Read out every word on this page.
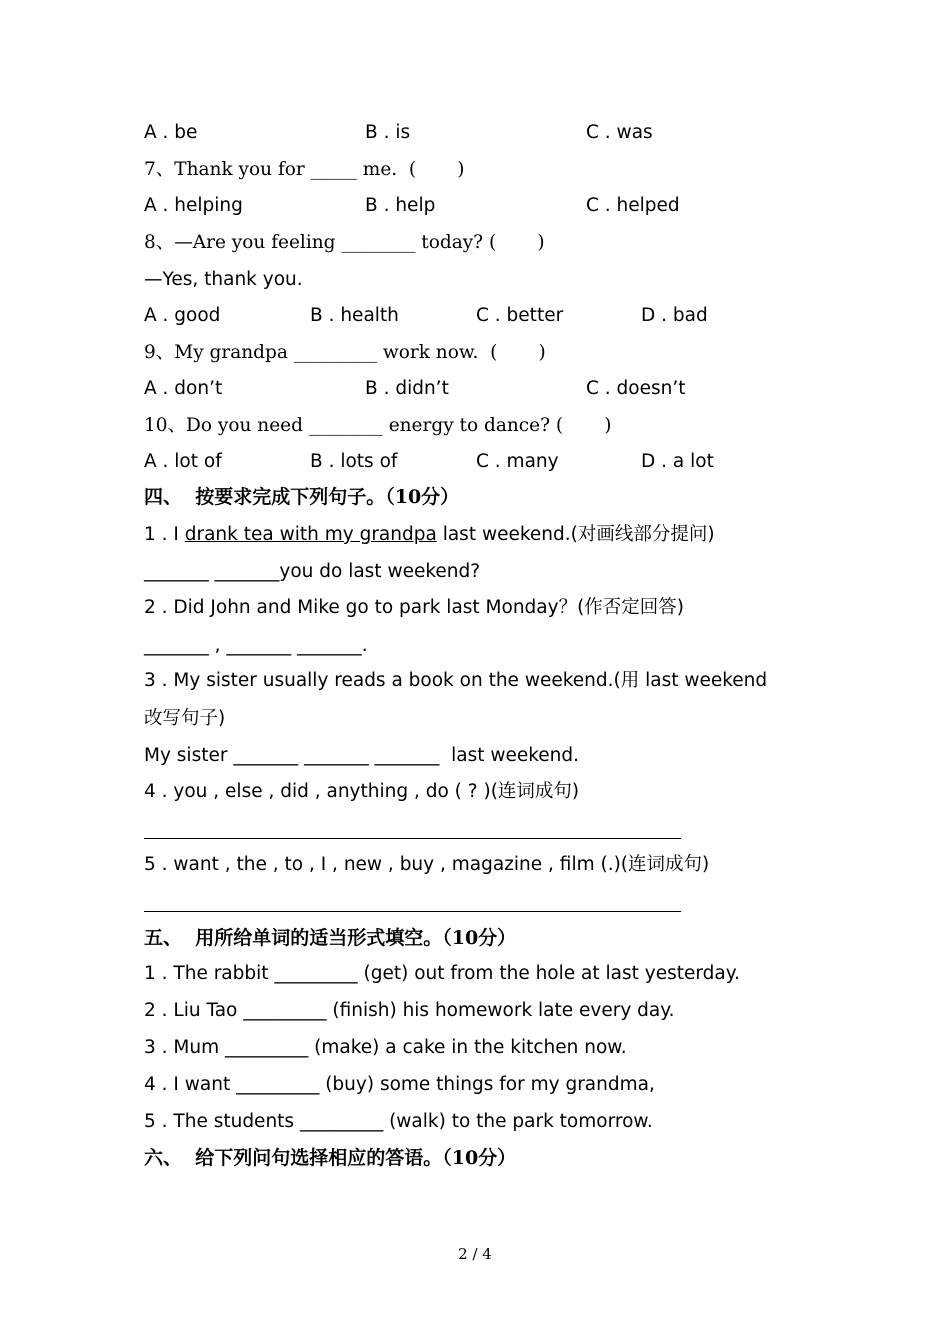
A . be	B . is	C . was
7、Thank you for _____ me.  (       )
A . helping	B . help	C . helped
8、—Are you feeling ________ today? (       )
—Yes, thank you.
A . good	B . health	C . better	D . bad
9、My grandpa _________ work now.  (       )
A . don’t	B . didn’t	C . doesn’t
10、Do you need ________ energy to dance? (       )
A . lot of	B . lots of	C . many	D . a lot
四、  按要求完成下列句子。（10分）
1 . I drank tea with my grandpa last weekend.(对画线部分提问)
_______ _______you do last weekend?
2 . Did John and Mike go to park last Monday？(作否定回答)
_______ , _______ _______.
3 . My sister usually reads a book on the weekend.(用 last weekend
改写句子)
My sister _______ _______ _______  last weekend.
4 . you , else , did , anything , do ( ? )(连词成句)
5 . want , the , to , I , new , buy , magazine , film (.)(连词成句)
五、  用所给单词的适当形式填空。（10分）
1 . The rabbit _________ (get) out from the hole at last yesterday.
2 . Liu Tao _________ (finish) his homework late every day.
3 . Mum _________ (make) a cake in the kitchen now.
4 . I want _________ (buy) some things for my grandma,
5 . The students _________ (walk) to the park tomorrow.
六、  给下列问句选择相应的答语。（10分）
2 / 4
